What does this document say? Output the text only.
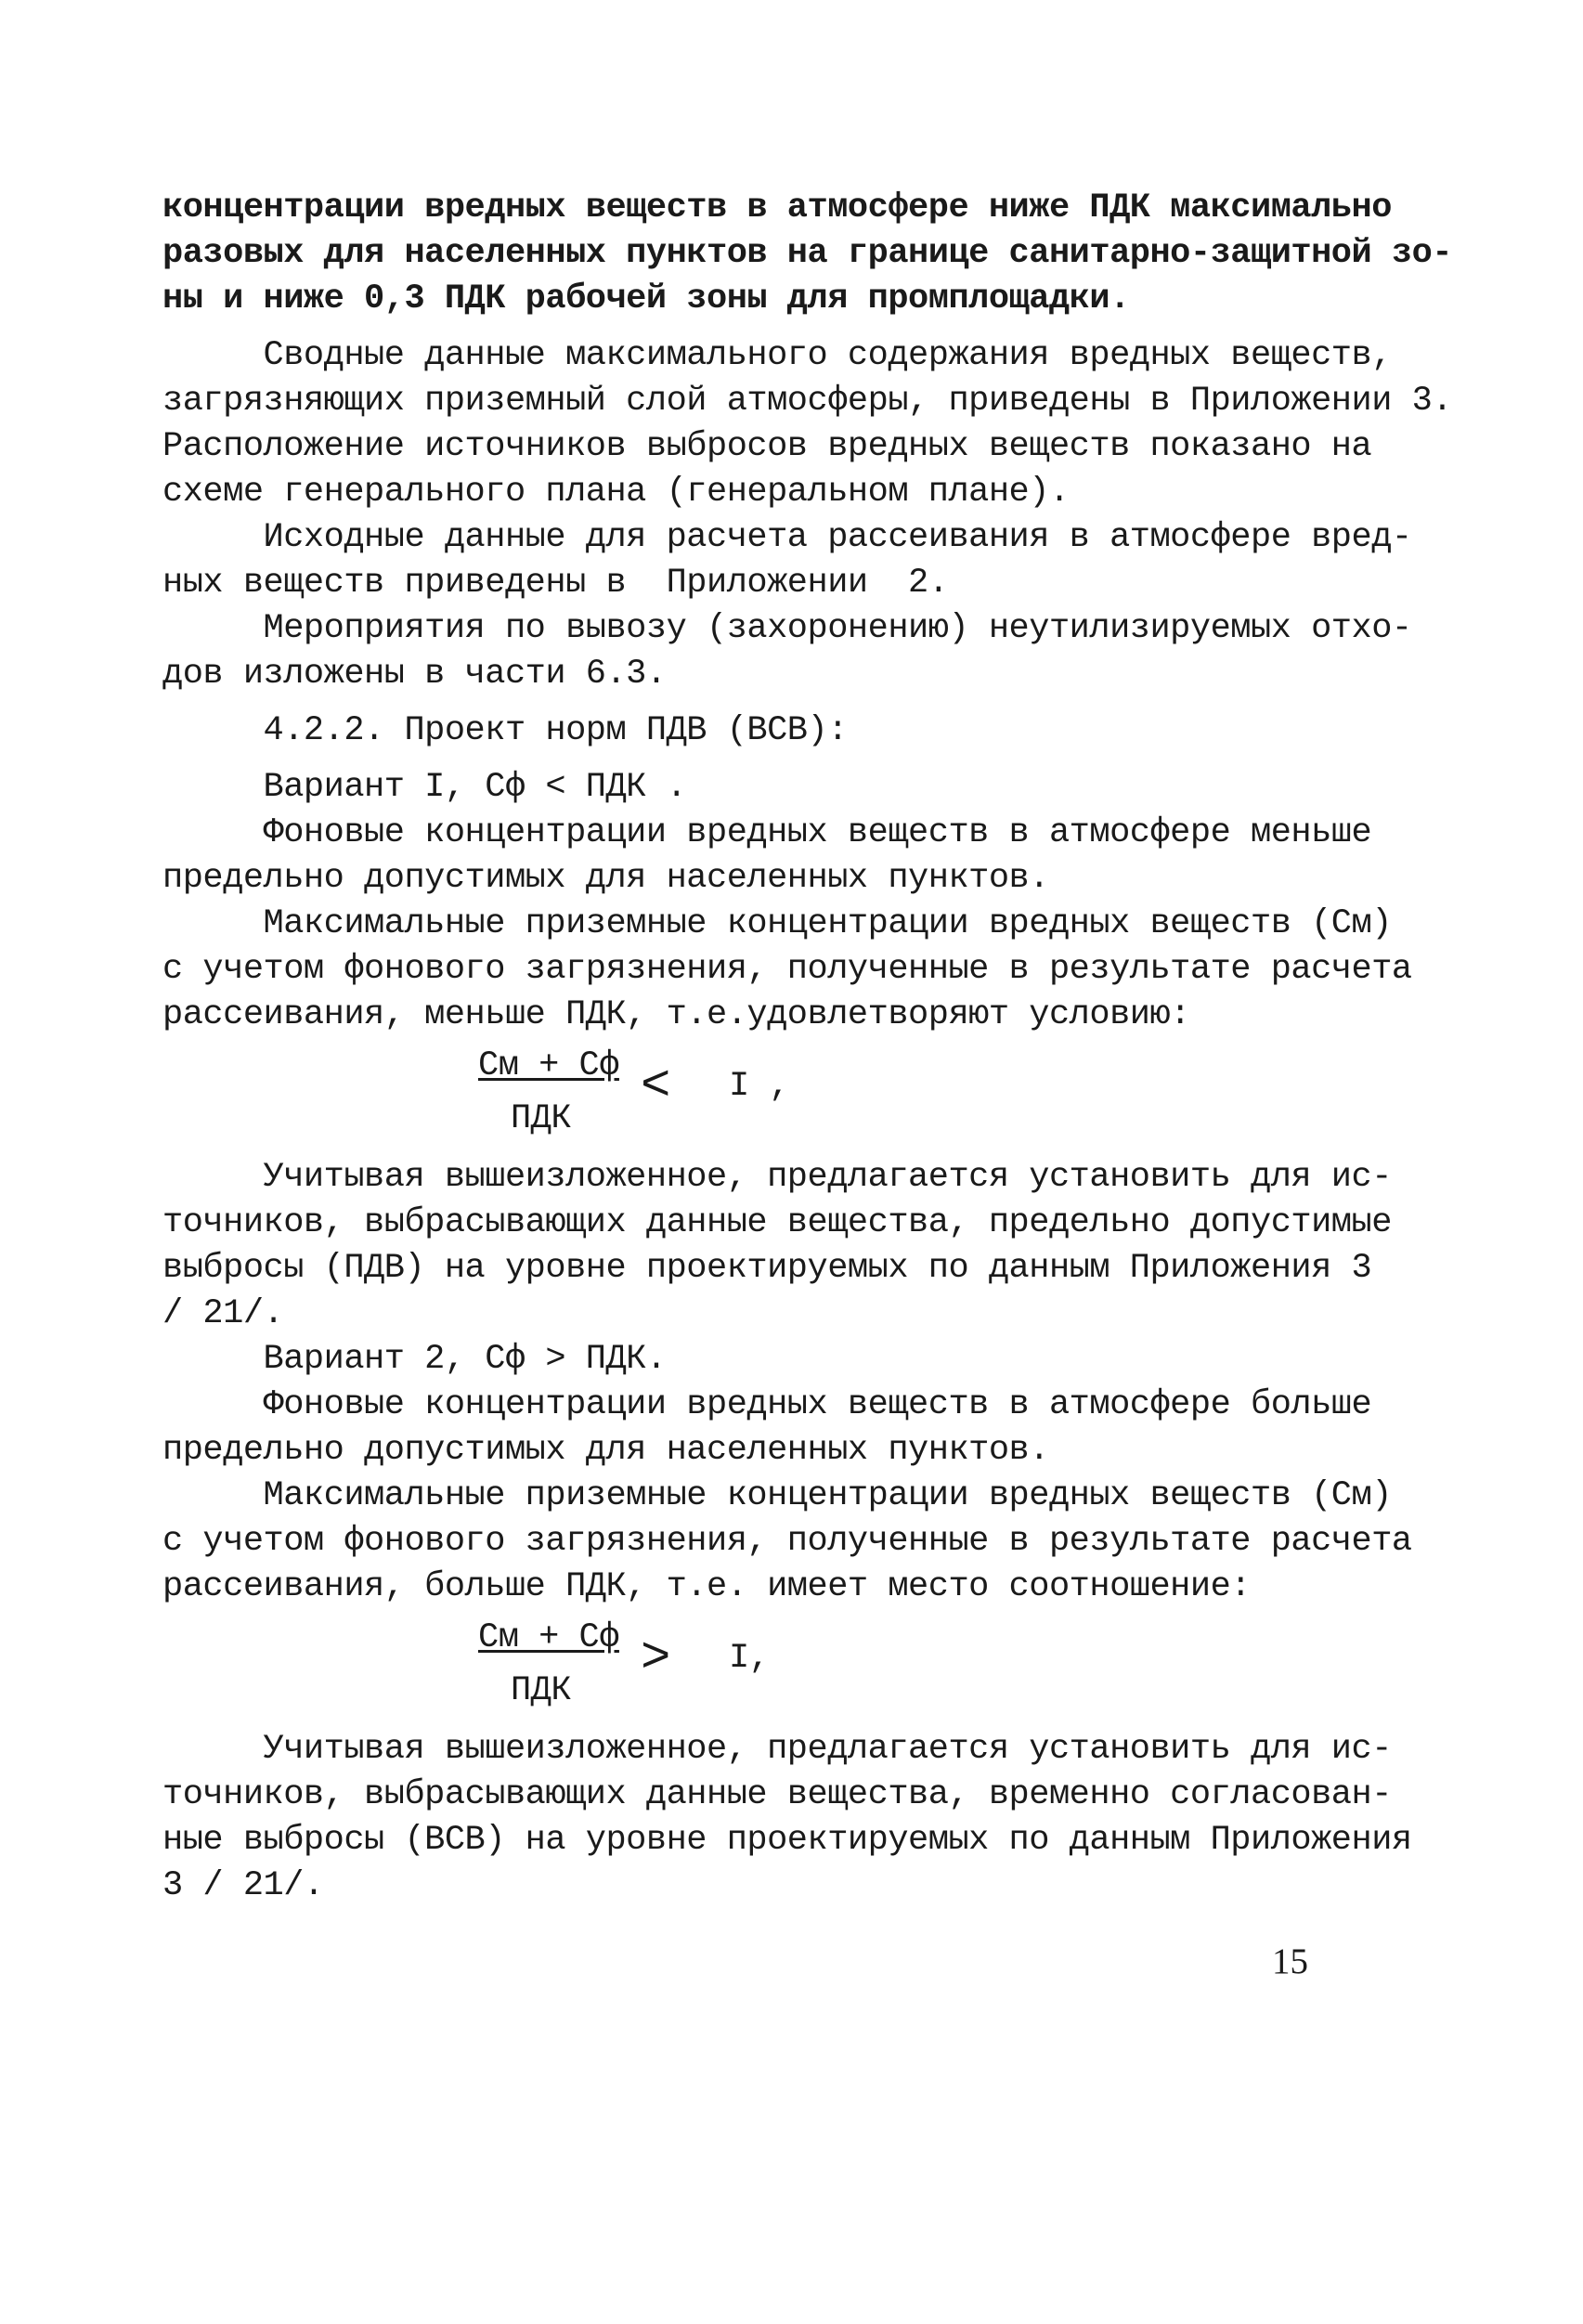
концентрации вредных веществ в атмосфере ниже ПДК максимально
разовых для населенных пунктов на границе санитарно-защитной зо-
ны и ниже 0,3 ПДК рабочей зоны для промплощадки.
Сводные данные максимального содержания вредных веществ,
загрязняющих приземный слой атмосферы, приведены в Приложении 3.
Расположение источников выбросов вредных веществ показано на
схеме генерального плана (генеральном плане).
Исходные данные для расчета рассеивания в атмосфере вред-
ных веществ приведены в  Приложении  2.
Мероприятия по вывозу (захоронению) неутилизируемых отхо-
дов изложены в части 6.3.
4.2.2. Проект норм ПДВ (ВСВ):
Вариант I, Сф < ПДК .
Фоновые концентрации вредных веществ в атмосфере меньше
предельно допустимых для населенных пунктов.
Максимальные приземные концентрации вредных веществ (См)
с учетом фонового загрязнения, полученные в результате расчета
рассеивания, меньше ПДК, т.е.удовлетворяют условию:
См + Сф
ПДК
< I ,
Учитывая вышеизложенное, предлагается установить для ис-
точников, выбрасывающих данные вещества, предельно допустимые
выбросы (ПДВ) на уровне проектируемых по данным Приложения 3
/ 21/.
Вариант 2, Сф > ПДК.
Фоновые концентрации вредных веществ в атмосфере больше
предельно допустимых для населенных пунктов.
Максимальные приземные концентрации вредных веществ (См)
с учетом фонового загрязнения, полученные в результате расчета
рассеивания, больше ПДК, т.е. имеет место соотношение:
См + Сф
ПДК
> I,
Учитывая вышеизложенное, предлагается установить для ис-
точников, выбрасывающих данные вещества, временно согласован-
ные выбросы (ВСВ) на уровне проектируемых по данным Приложения
3 / 21/.
15
